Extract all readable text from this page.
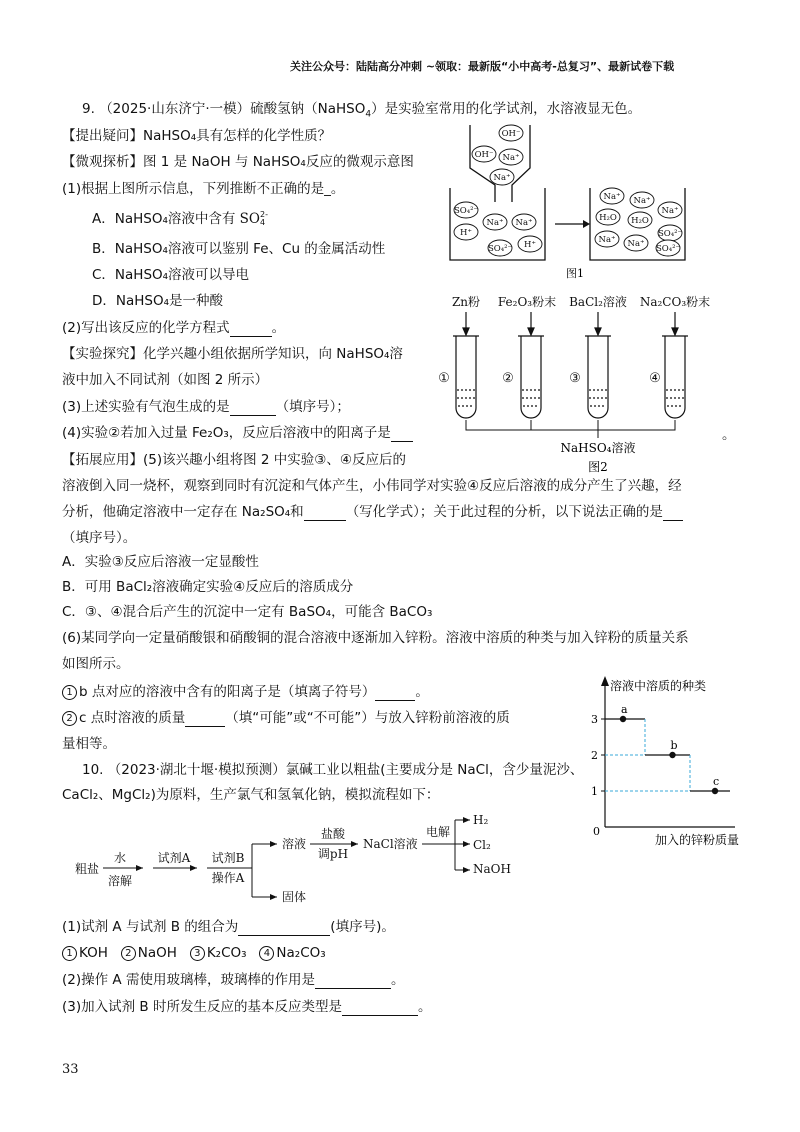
关注公众号：陆陆高分冲刺 ~领取：最新版“小中高考-总复习”、最新试卷下载
9. （2025·山东济宁·一模）硫酸氢钠（NaHSO$_4$）是实验室常用的化学试剂，水溶液显无色。
【提出疑问】NaHSO₄具有怎样的化学性质？
【微观探析】图 1 是 NaOH 与 NaHSO₄反应的微观示意图
(1)根据上图所示信息，下列推断不正确的是_。
A．NaHSO₄溶液中含有 SO 2-
4
B．NaHSO₄溶液可以鉴别 Fe、Cu 的金属活动性
C．NaHSO₄溶液可以导电
D．NaHSO₄是一种酸
(2)写出该反应的化学方程式	。
【实验探究】化学兴趣小组依据所学知识，向 NaHSO₄溶
液中加入不同试剂（如图 2 所示）
(3)上述实验有气泡生成的是	（填序号）；
(4)实验②若加入过量 Fe₂O₃，反应后溶液中的阳离子是	。
【拓展应用】(5)该兴趣小组将图 2 中实验③、④反应后的
溶液倒入同一烧杯，观察到同时有沉淀和气体产生，小伟同学对实验④反应后溶液的成分产生了兴趣，经
分析，他确定溶液中一定存在 Na₂SO₄和	（写化学式）；关于此过程的分析，以下说法正确的是
（填序号）。
A．实验③反应后溶液一定显酸性
B．可用 BaCl₂溶液确定实验④反应后的溶质成分
C．③、④混合后产生的沉淀中一定有 BaSO₄，可能含 BaCO₃
(6)某同学向一定量硝酸银和硝酸铜的混合溶液中逐渐加入锌粉。溶液中溶质的种类与加入锌粉的质量关系
如图所示。
1 b 点对应的溶液中含有的阳离子是（填离子符号）	。
2 c 点时溶液的质量	（填“可能”或“不可能”）与放入锌粉前溶液的质
量相等。
OH⁻
OH⁻ Na⁺
Na⁺
SO₄²⁻
Na⁺ Na⁺
H⁺
SO₄²⁻ H⁺
Na⁺ Na⁺
H₂O
Na⁺
H₂O
SO₄²⁻
Na⁺ Na⁺ SO₄²⁻
图1
Zn粉 Fe₂O₃粉末 BaCl₂溶液 Na₂CO₃粉末
①	②	③	④
NaHSO₄溶液
图2
溶液中溶质的种类
0
加入的锌粉质量
1
2
3
a
b
c
10. （2023·湖北十堰·模拟预测）氯碱工业以粗盐(主要成分是 NaCl，含少量泥沙、
CaCl₂、MgCl₂)为原料，生产氯气和氢氧化钠，模拟流程如下：
粗盐
水
溶解
试剂A 试剂B
操作A
溶液
固体
盐酸
调pH
NaCl溶液
电解
H₂
Cl₂
NaOH
(1)试剂 A 与试剂 B 的组合为	(填序号)。
1 KOH 2 NaOH 3 K₂CO₃ 4 Na₂CO₃
(2)操作 A 需使用玻璃棒，玻璃棒的作用是	。
(3)加入试剂 B 时所发生反应的基本反应类型是	。
33
